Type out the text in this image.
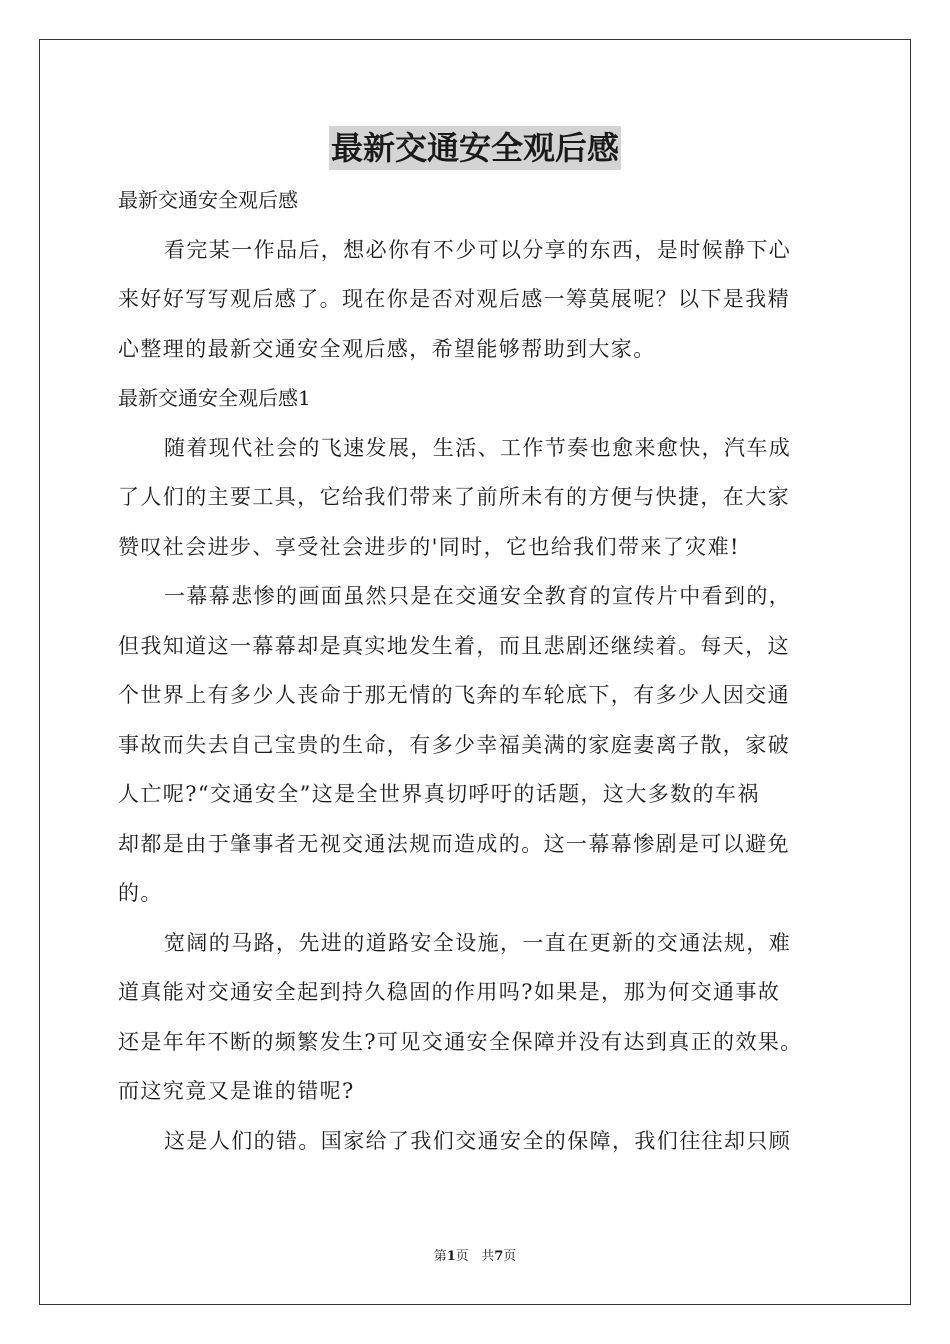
最新交通安全观后感
最新交通安全观后感
看完某一作品后，想必你有不少可以分享的东西，是时候静下心
来好好写写观后感了。现在你是否对观后感一筹莫展呢？以下是我精
心整理的最新交通安全观后感，希望能够帮助到大家。
最新交通安全观后感1
随着现代社会的飞速发展，生活、工作节奏也愈来愈快，汽车成
了人们的主要工具，它给我们带来了前所未有的方便与快捷，在大家
赞叹社会进步、享受社会进步的'同时，它也给我们带来了灾难!
一幕幕悲惨的画面虽然只是在交通安全教育的宣传片中看到的，
但我知道这一幕幕却是真实地发生着，而且悲剧还继续着。每天，这
个世界上有多少人丧命于那无情的飞奔的车轮底下，有多少人因交通
事故而失去自己宝贵的生命，有多少幸福美满的家庭妻离子散，家破
人亡呢?“交通安全”这是全世界真切呼吁的话题，这大多数的车祸
却都是由于肇事者无视交通法规而造成的。这一幕幕惨剧是可以避免
的。
宽阔的马路，先进的道路安全设施，一直在更新的交通法规，难
道真能对交通安全起到持久稳固的作用吗?如果是，那为何交通事故
还是年年不断的频繁发生?可见交通安全保障并没有达到真正的效果。
而这究竟又是谁的错呢?
这是人们的错。国家给了我们交通安全的保障，我们往往却只顾
第1页 共7页
